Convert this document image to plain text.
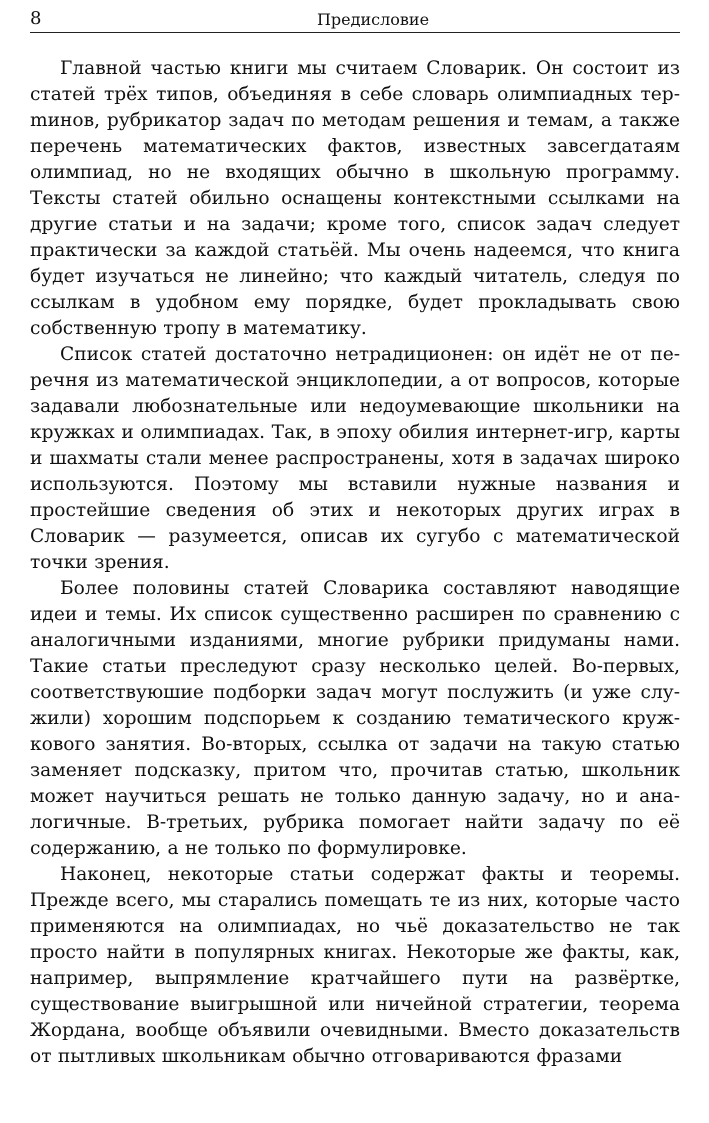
8	Предисловие

Главной частью книги мы считаем Словарик. Он состоит из статей трёх типов, объединяя в себе словарь олимпиадных терmинов, рубрикатор задач по методам решения и темам, а также перечень математических фактов, известных завсегдатаям олимпиад, но не входящих обычно в школьную программу. Тексты статей обильно оснащены контекстными ссылками на другие статьи и на задачи; кроме того, список задач следует практически за каждой статьёй. Мы очень надеемся, что книга будет изучаться не линейно; что каждый читатель, следуя по ссылкам в удобном ему порядке, будет прокладывать свою собственную тропу в математику.

Список статей достаточно нетрадиционен: он идёт не от перечня из математической энциклопедии, а от вопросов, которые задавали любознательные или недоумевающие школьники на кружках и олимпиадах. Так, в эпоху обилия интернет-игр, карты и шахматы стали менее распространены, хотя в задачах широко используются. Поэтому мы вставили нужные названия и простейшие сведения об этих и некоторых других играх в Словарик — разумеется, описав их сугубо с математической точки зрения.

Более половины статей Словарика составляют наводящие идеи и темы. Их список существенно расширен по сравнению с аналогичными изданиями, многие рубрики придуманы нами. Такие статьи преследуют сразу несколько целей. Во-первых, соответствуюшие подборки задач могут послужить (и уже служили) хорошим подспорьем к созданию тематического кружкового занятия. Во-вторых, ссылка от задачи на такую статью заменяет подсказку, притом что, прочитав статью, школьник может научиться решать не только данную задачу, но и аналогичные. В-третьих, рубрика помогает найти задачу по её содержанию, а не только по формулировке.

Наконец, некоторые статьи содержат факты и теоремы. Прежде всего, мы старались помещать те из них, которые часто применяются на олимпиадах, но чьё доказательство не так просто найти в популярных книгах. Некоторые же факты, как, например, выпрямление кратчайшего пути на развёртке, существование выигрышной или ничейной стратегии, теорема Жордана, вообще объявили очевидными. Вместо доказательств от пытливых школьникам обычно отговариваются фразами
